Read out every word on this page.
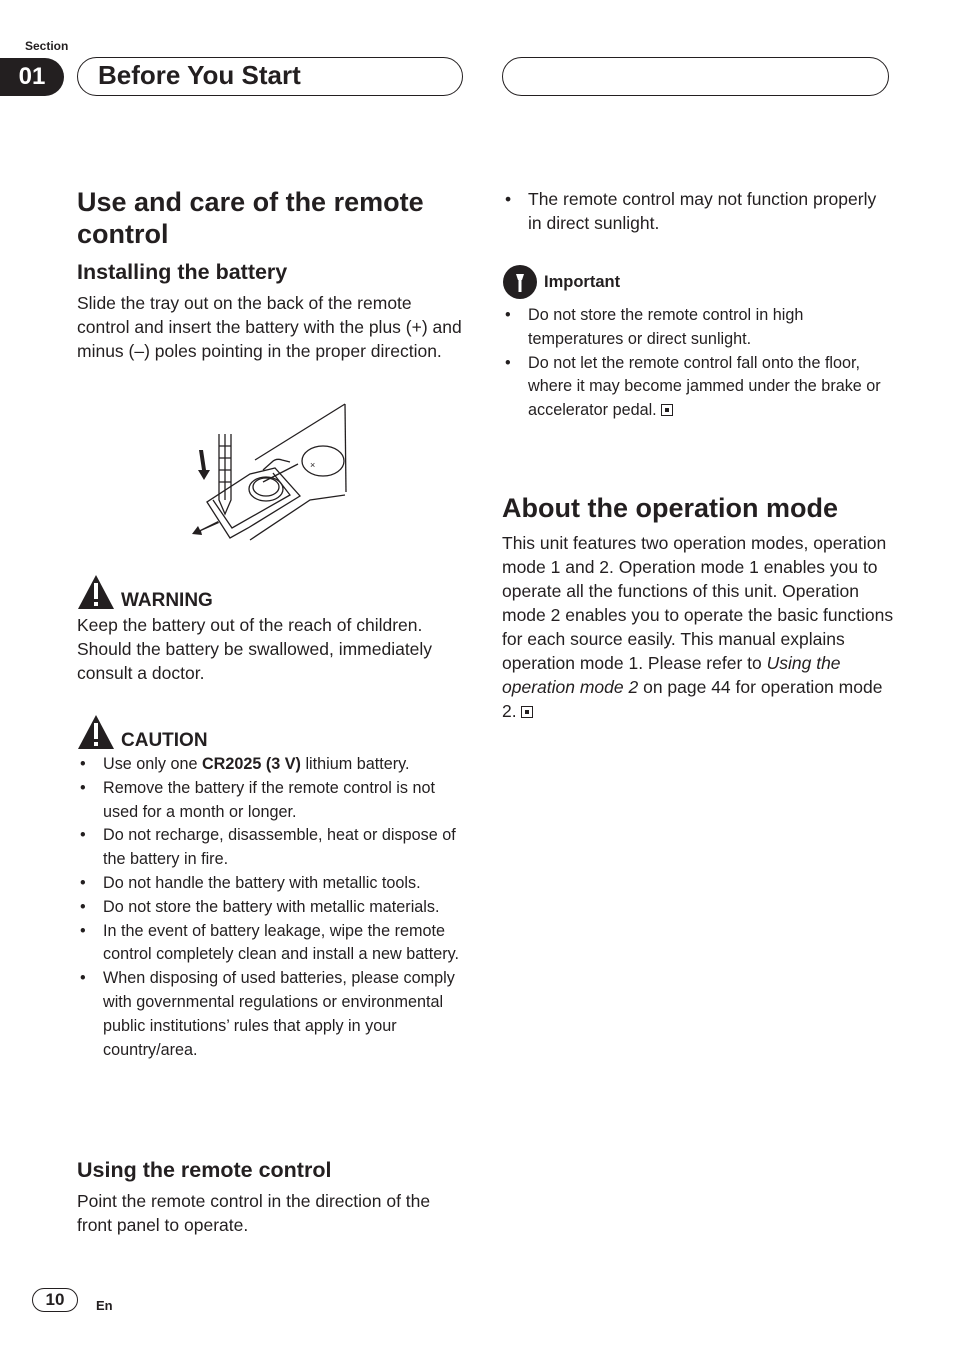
Section
01	Before You Start
Use and care of the remote control
Installing the battery

Slide the tray out on the back of the remote control and insert the battery with the plus (+) and minus (–) poles pointing in the proper direction.

×
WARNING

Keep the battery out of the reach of children. Should the battery be swallowed, immediately consult a doctor.

CAUTION
• Use only one CR2025 (3 V) lithium battery.
• Remove the battery if the remote control is not used for a month or longer.
• Do not recharge, disassemble, heat or dispose of the battery in fire.
• Do not handle the battery with metallic tools.
• Do not store the battery with metallic materials.
• In the event of battery leakage, wipe the remote control completely clean and install a new battery.
• When disposing of used batteries, please comply with governmental regulations or environmental public institutions’ rules that apply in your country/area.
Using the remote control

Point the remote control in the direction of the front panel to operate.

• The remote control may not function properly in direct sunlight.
Important
• Do not store the remote control in high temperatures or direct sunlight.
• Do not let the remote control fall onto the floor, where it may become jammed under the brake or accelerator pedal.
About the operation mode

This unit features two operation modes, operation mode 1 and 2. Operation mode 1 enables you to operate all the functions of this unit. Operation mode 2 enables you to operate the basic functions for each source easily. This manual explains operation mode 1. Please refer to Using the operation mode 2 on page 44 for operation mode 2.

10	En
